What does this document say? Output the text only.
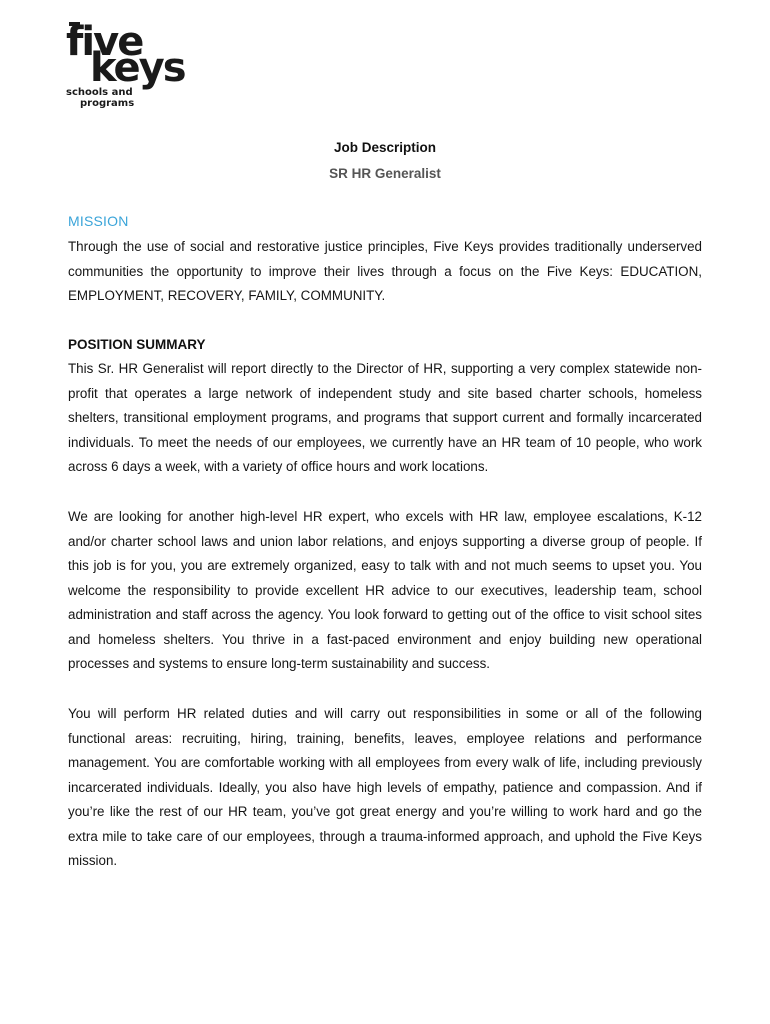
five
keys
schools and
programs
Job Description
SR HR Generalist
MISSION

Through the use of social and restorative justice principles, Five Keys provides traditionally underserved communities the opportunity to improve their lives through a focus on the Five Keys: EDUCATION, EMPLOYMENT, RECOVERY, FAMILY, COMMUNITY.

POSITION SUMMARY

This Sr. HR Generalist will report directly to the Director of HR, supporting a very complex statewide non-profit that operates a large network of independent study and site based charter schools, homeless shelters, transitional employment programs, and programs that support current and formally incarcerated individuals. To meet the needs of our employees, we currently have an HR team of 10 people, who work across 6 days a week, with a variety of office hours and work locations.

We are looking for another high-level HR expert, who excels with HR law, employee escalations, K-12 and/or charter school laws and union labor relations, and enjoys supporting a diverse group of people. If this job is for you, you are extremely organized, easy to talk with and not much seems to upset you. You welcome the responsibility to provide excellent HR advice to our executives, leadership team, school administration and staff across the agency. You look forward to getting out of the office to visit school sites and homeless shelters. You thrive in a fast-paced environment and enjoy building new operational processes and systems to ensure long-term sustainability and success.

You will perform HR related duties and will carry out responsibilities in some or all of the following functional areas: recruiting, hiring, training, benefits, leaves, employee relations and performance management. You are comfortable working with all employees from every walk of life, including previously incarcerated individuals. Ideally, you also have high levels of empathy, patience and compassion. And if you’re like the rest of our HR team, you’ve got great energy and you’re willing to work hard and go the extra mile to take care of our employees, through a trauma-informed approach, and uphold the Five Keys mission.
